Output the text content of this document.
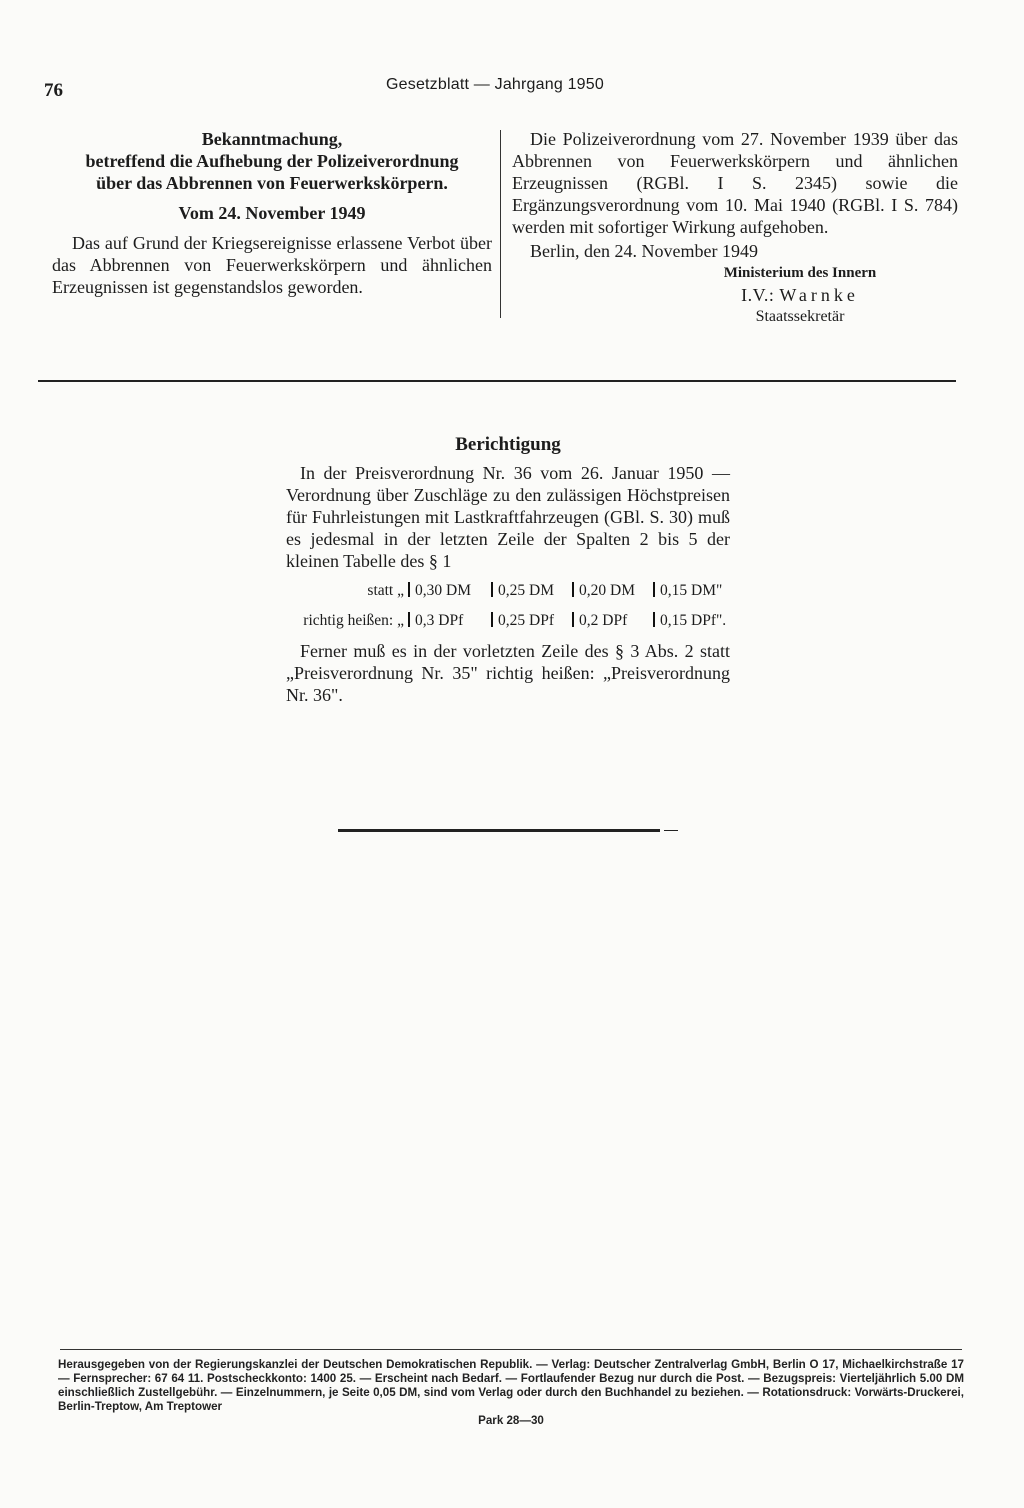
76	Gesetzblatt — Jahrgang 1950

Bekanntmachung,

betreffend die Aufhebung der Polizeiverordnung

über das Abbrennen von Feuerwerkskörpern.

Vom 24. November 1949

Das auf Grund der Kriegsereignisse erlassene Verbot über das Abbrennen von Feuerwerkskörpern und ähnlichen Erzeugnissen ist gegenstandslos geworden.

Die Polizeiverordnung vom 27. November 1939 über das Abbrennen von Feuerwerkskörpern und ähnlichen Erzeugnissen (RGBl. I S. 2345) sowie die Ergänzungsverordnung vom 10. Mai 1940 (RGBl. I S. 784) werden mit sofortiger Wirkung aufgehoben.

Berlin, den 24. November 1949

Ministerium des Innern

I.V.: Warnke

Staatssekretär

Berichtigung

In der Preisverordnung Nr. 36 vom 26. Januar 1950 — Verordnung über Zuschläge zu den zulässigen Höchstpreisen für Fuhrleistungen mit Lastkraftfahrzeugen (GBl. S. 30) muß es jedesmal in der letzten Zeile der Spalten 2 bis 5 der kleinen Tabelle des § 1

statt „ 0,30 DM 0,25 DM 0,20 DM 0,15 DM"

richtig heißen: „ 0,3 DPf 0,25 DPf 0,2 DPf 0,15 DPf".

Ferner muß es in der vorletzten Zeile des § 3 Abs. 2 statt „Preisverordnung Nr. 35" richtig heißen: „Preisverordnung Nr. 36".

Herausgegeben von der Regierungskanzlei der Deutschen Demokratischen Republik. — Verlag: Deutscher Zentralverlag GmbH, Berlin O 17, Michaelkirchstraße 17 — Fernsprecher: 67 64 11. Postscheckkonto: 1400 25. — Erscheint nach Bedarf. — Fortlaufender Bezug nur durch die Post. — Bezugspreis: Vierteljährlich 5.00 DM einschließlich Zustellgebühr. — Einzelnummern, je Seite 0,05 DM, sind vom Verlag oder durch den Buchhandel zu beziehen. — Rotationsdruck: Vorwärts-Druckerei, Berlin-Treptow, Am Treptower

Park 28—30
